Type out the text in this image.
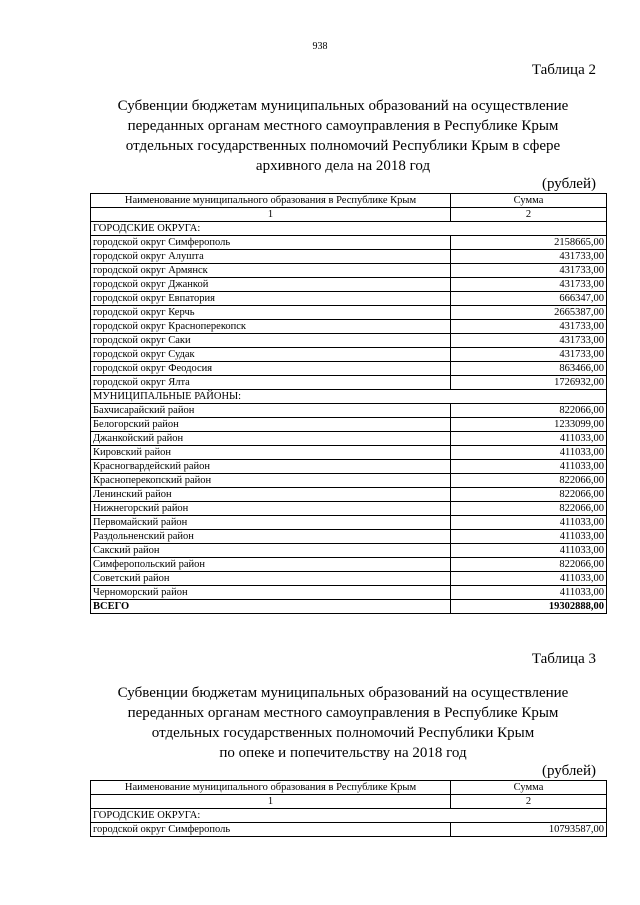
938
Таблица 2
Субвенции бюджетам муниципальных образований на осуществление
переданных органам местного самоуправления в Республике Крым
отдельных государственных полномочий Республики Крым в сфере
архивного дела на 2018 год
(рублей)
Наименование муниципального образования в Республике Крым	Сумма
1	2
ГОРОДСКИЕ ОКРУГА:	
городской округ Симферополь	2158665,00
городской округ Алушта	431733,00
городской округ Армянск	431733,00
городской округ Джанкой	431733,00
городской округ Евпатория	666347,00
городской округ Керчь	2665387,00
городской округ Красноперекопск	431733,00
городской округ Саки	431733,00
городской округ Судак	431733,00
городской округ Феодосия	863466,00
городской округ Ялта	1726932,00
МУНИЦИПАЛЬНЫЕ РАЙОНЫ:	
Бахчисарайский район	822066,00
Белогорский район	1233099,00
Джанкойский район	411033,00
Кировский район	411033,00
Красногвардейский район	411033,00
Красноперекопский район	822066,00
Ленинский район	822066,00
Нижнегорский район	822066,00
Первомайский район	411033,00
Раздольненский район	411033,00
Сакский район	411033,00
Симферопольский район	822066,00
Советский район	411033,00
Черноморский район	411033,00
ВСЕГО	19302888,00
Таблица 3
Субвенции бюджетам муниципальных образований на осуществление
переданных органам местного самоуправления в Республике Крым
отдельных государственных полномочий Республики Крым
по опеке и попечительству на 2018 год
(рублей)
Наименование муниципального образования в Республике Крым	Сумма
1	2
ГОРОДСКИЕ ОКРУГА:	
городской округ Симферополь	10793587,00
